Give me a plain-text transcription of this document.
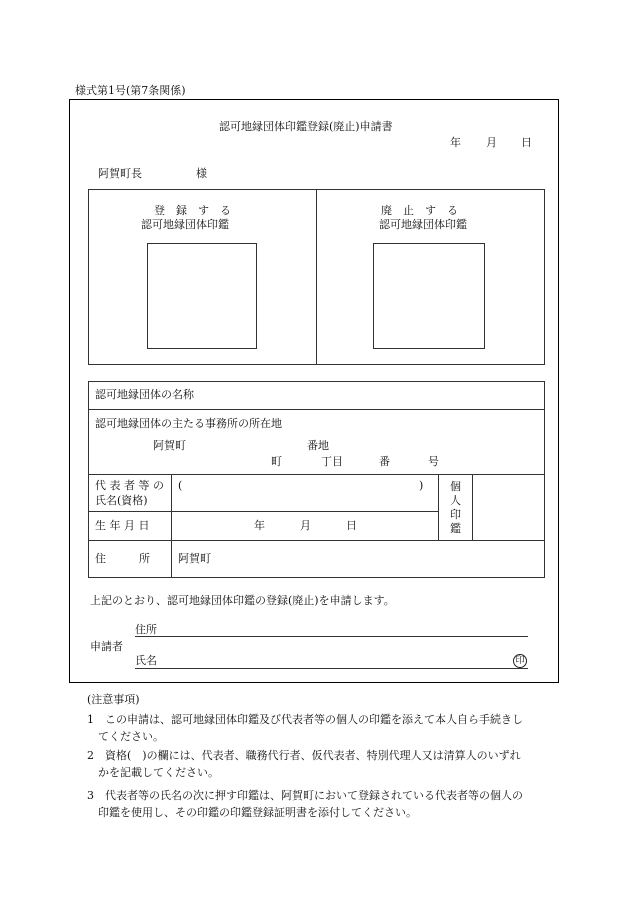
様式第1号(第7条関係)
認可地縁団体印鑑登録(廃止)申請書
年 月 日
阿賀町長	様
登　録　す　る
認可地縁団体印鑑
廃　止　す　る
認可地縁団体印鑑
認可地縁団体の名称
認可地縁団体の主たる事務所の所在地
阿賀町	番地
町	丁目	番	号
代 表 者 等 の
氏名(資格)
(	)
生 年 月 日	年	月	日
個
人
印
鑑
住　　　所	阿賀町
上記のとおり、認可地縁団体印鑑の登録(廃止)を申請します。
申請者
住所
氏名	印
(注意事項)
1　この申請は、認可地縁団体印鑑及び代表者等の個人の印鑑を添えて本人自ら手続きし
てください。
2　資格(　)の欄には、代表者、職務代行者、仮代表者、特別代理人又は清算人のいずれ
かを記載してください。
3　代表者等の氏名の次に押す印鑑は、阿賀町において登録されている代表者等の個人の
印鑑を使用し、その印鑑の印鑑登録証明書を添付してください。
